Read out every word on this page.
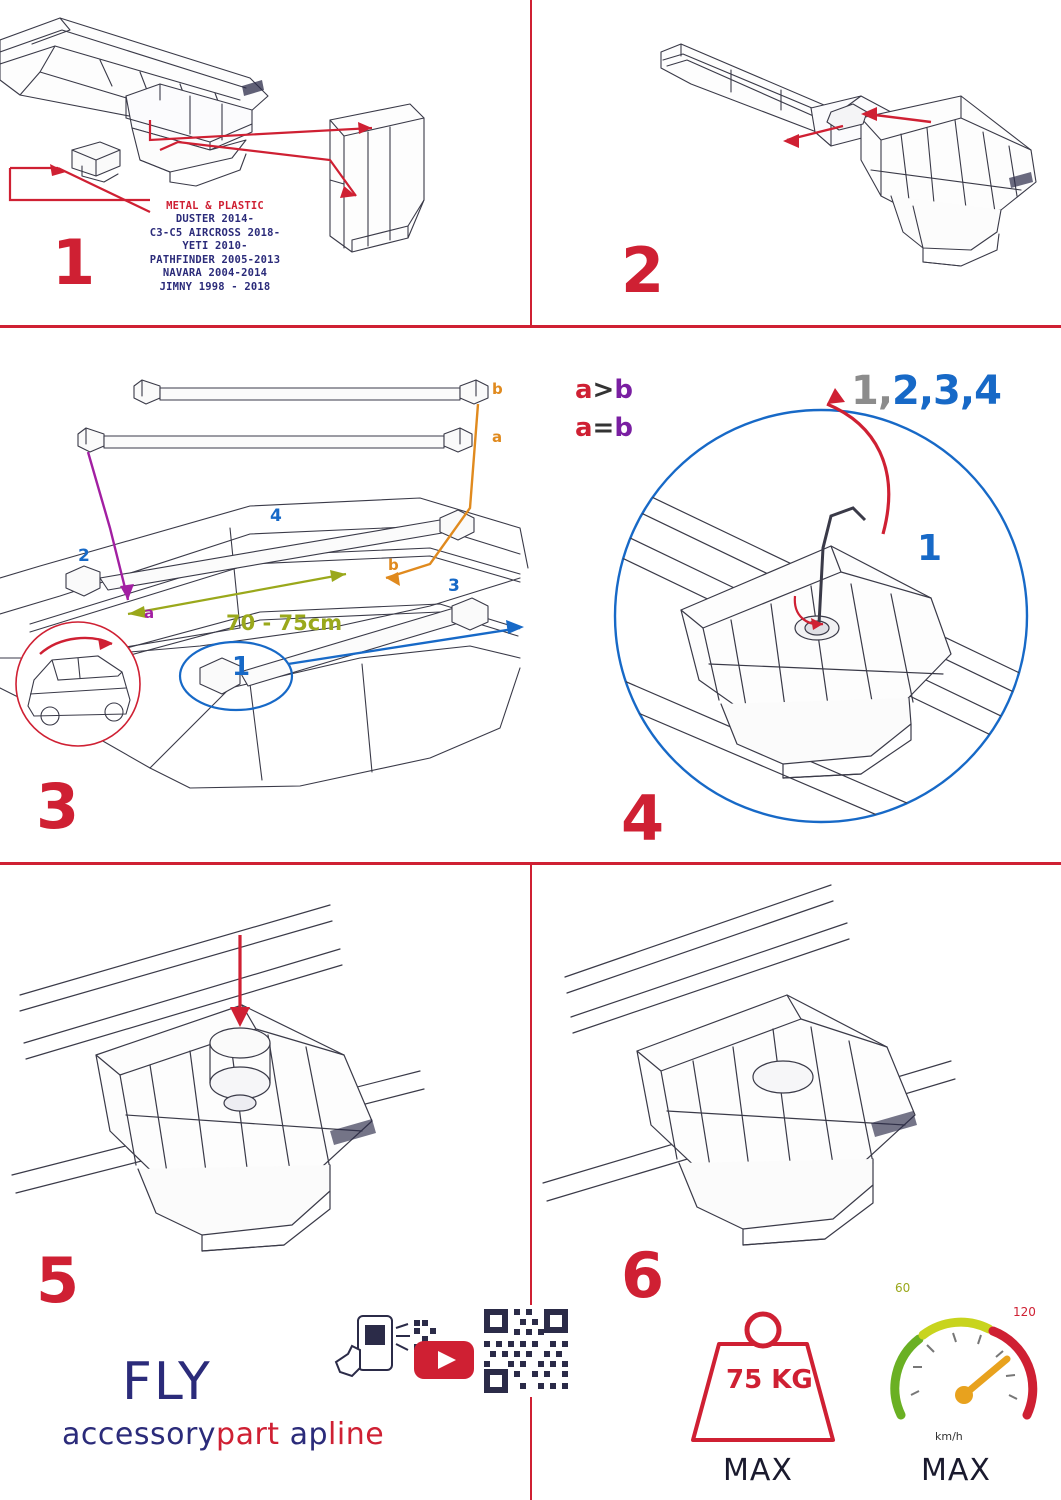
METAL & PLASTIC
DUSTER 2014-
C3-C5 AIRCROSS 2018-
YETI 2010-
PATHFINDER 2005-2013
NAVARA 2004-2014
JIMNY 1998 - 2018
1	2
a>b
a=b
b
a
b
a	70 - 75cm
2
4
3
1
3
1,2,3,4
1
4
5
FLY
accessorypart apline
6
75 KG
MAX
60
120
km/h
MAX
